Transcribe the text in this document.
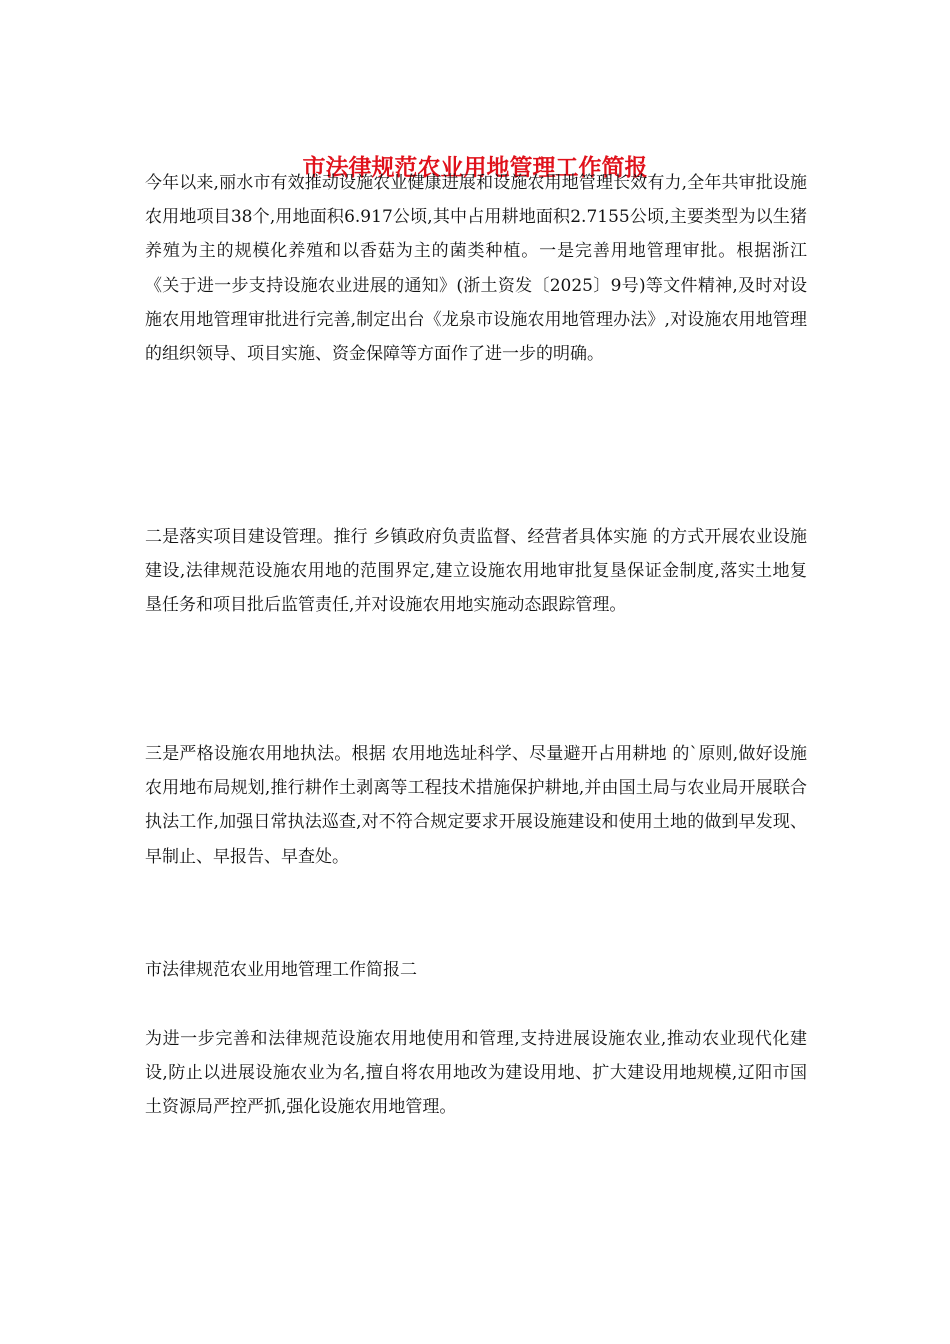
市法律规范农业用地管理工作简报

今年以来,丽水市有效推动设施农业健康进展和设施农用地管理长效有力,全年共审批设施农用地项目38个,用地面积6.917公顷,其中占用耕地面积2.7155公顷,主要类型为以生猪养殖为主的规模化养殖和以香菇为主的菌类种植。一是完善用地管理审批。根据浙江《关于进一步支持设施农业进展的通知》(浙土资发〔2025〕9号)等文件精神,及时对设施农用地管理审批进行完善,制定出台《龙泉市设施农用地管理办法》,对设施农用地管理的组织领导、项目实施、资金保障等方面作了进一步的明确。

二是落实项目建设管理。推行 乡镇政府负责监督、经营者具体实施 的方式开展农业设施建设,法律规范设施农用地的范围界定,建立设施农用地审批复垦保证金制度,落实土地复垦任务和项目批后监管责任,并对设施农用地实施动态跟踪管理。

三是严格设施农用地执法。根据 农用地选址科学、尽量避开占用耕地 的`原则,做好设施农用地布局规划,推行耕作土剥离等工程技术措施保护耕地,并由国土局与农业局开展联合执法工作,加强日常执法巡查,对不符合规定要求开展设施建设和使用土地的做到早发现、早制止、早报告、早查处。

市法律规范农业用地管理工作简报二

为进一步完善和法律规范设施农用地使用和管理,支持进展设施农业,推动农业现代化建设,防止以进展设施农业为名,擅自将农用地改为建设用地、扩大建设用地规模,辽阳市国土资源局严控严抓,强化设施农用地管理。
